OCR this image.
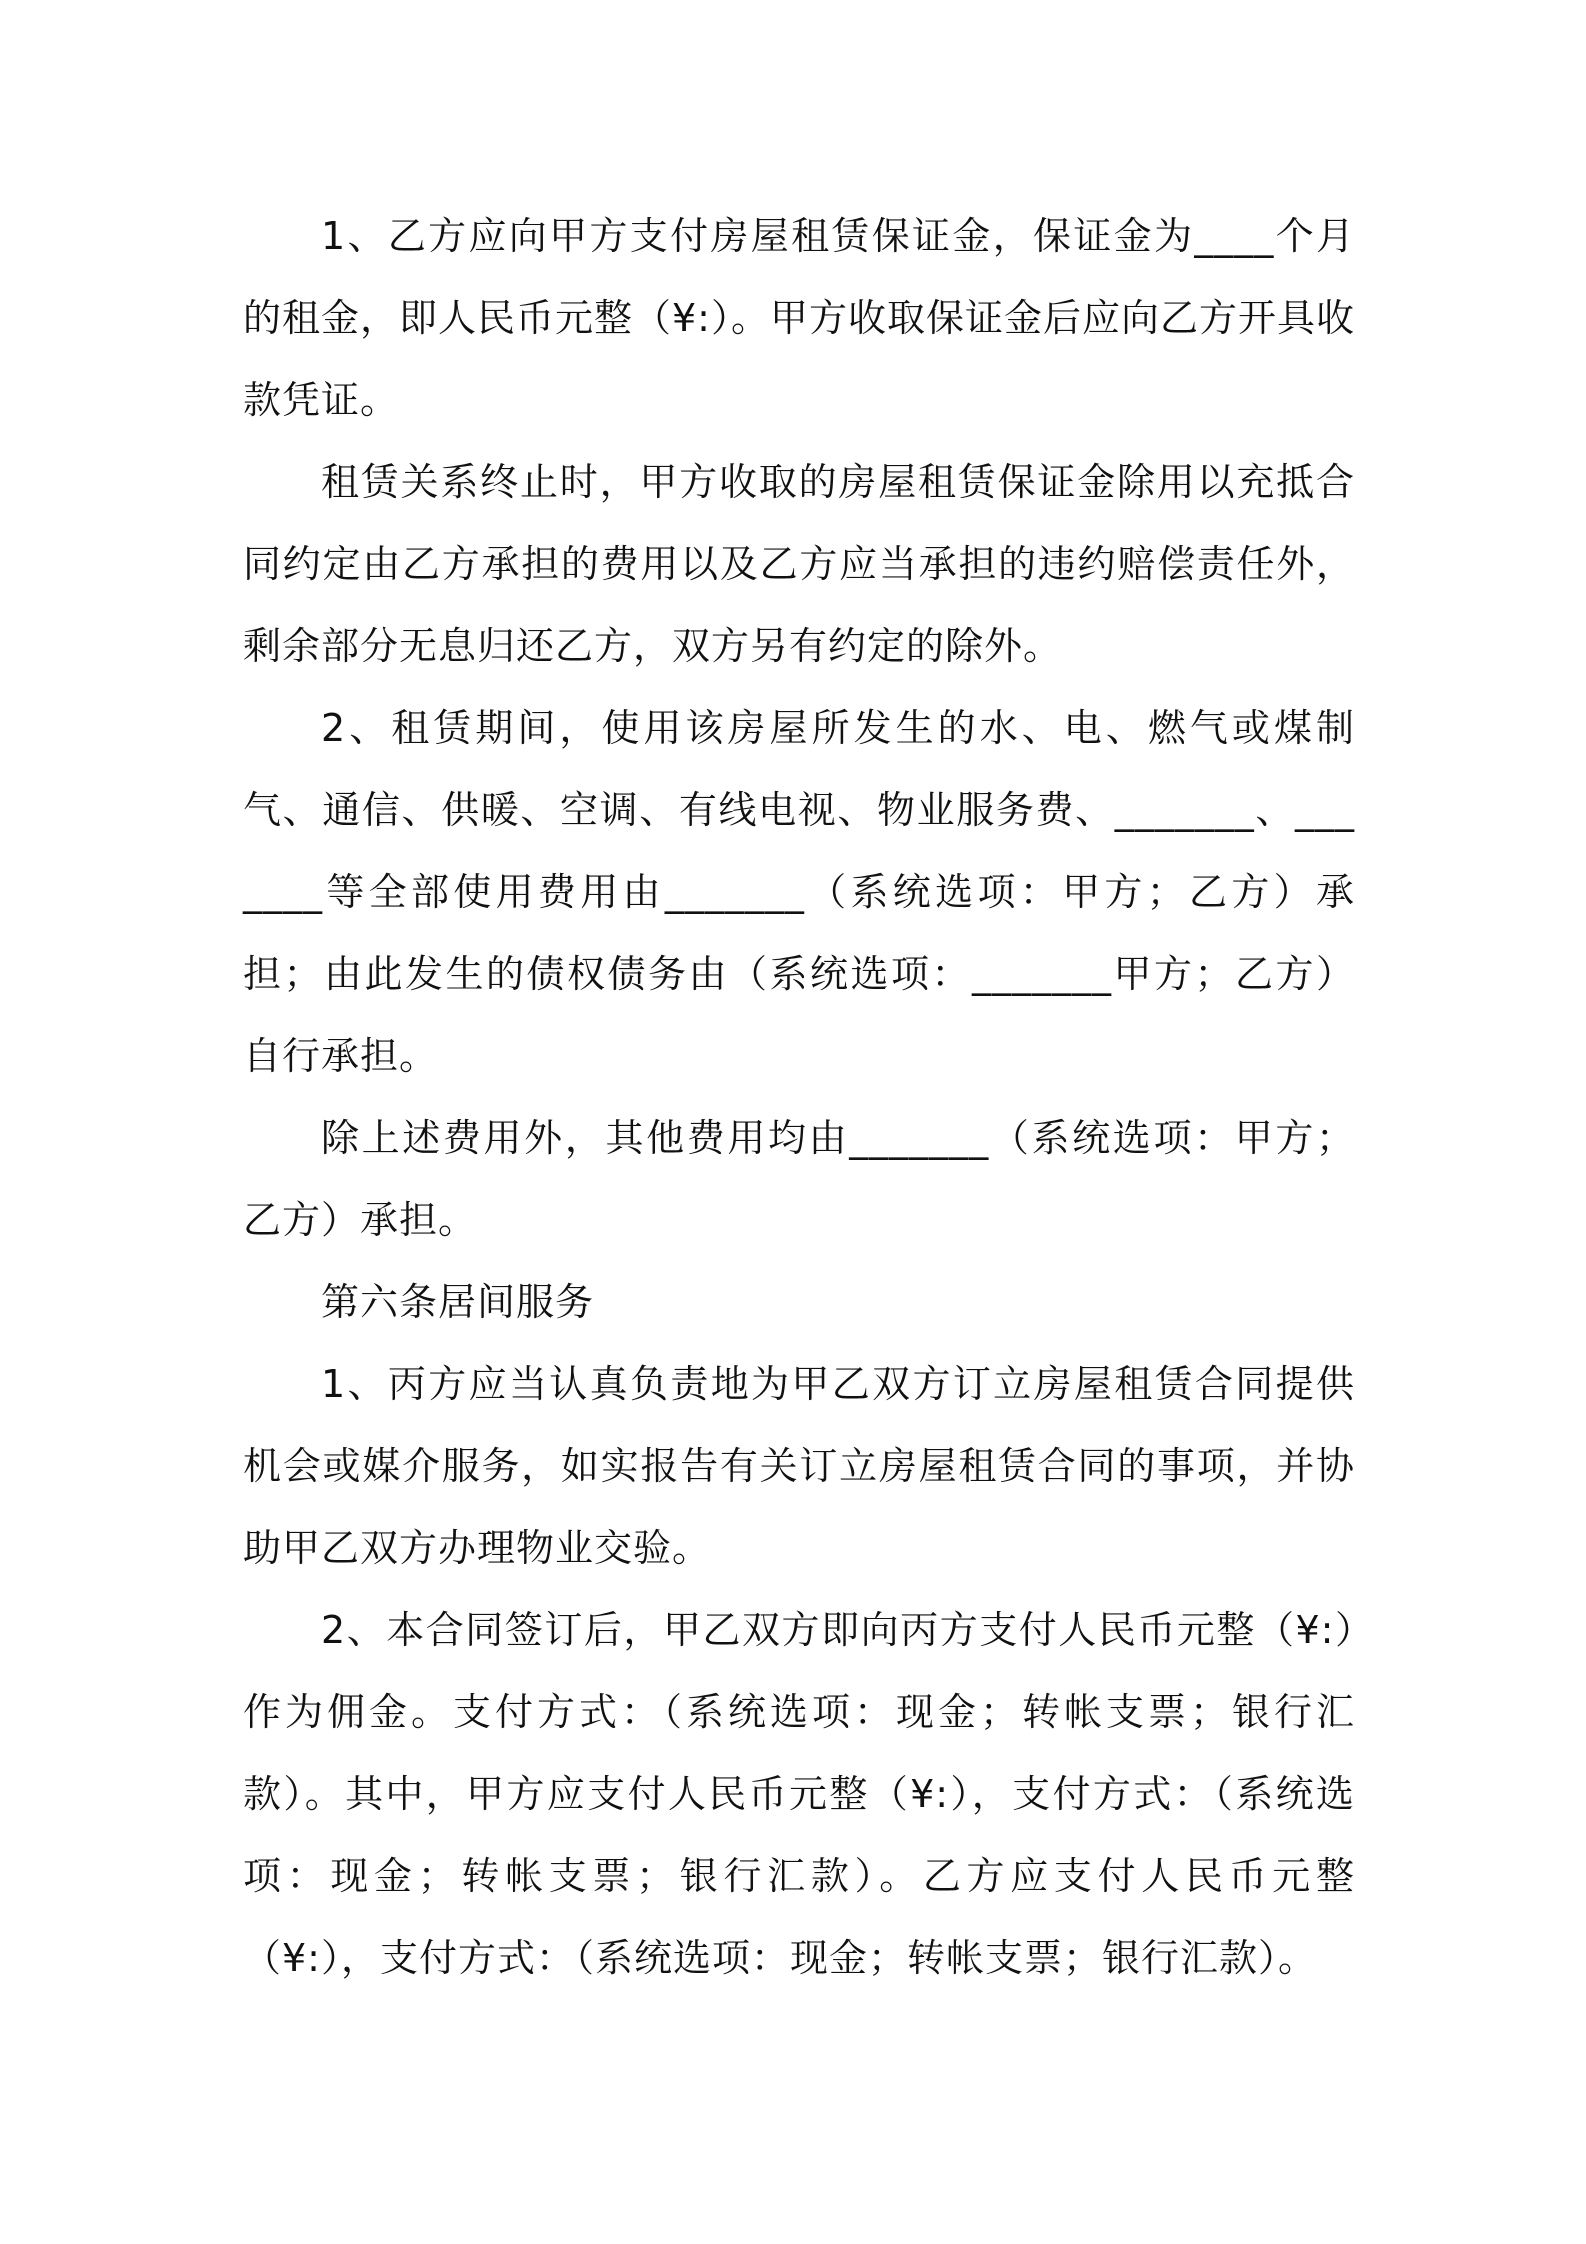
1、乙方应向甲方支付房屋租赁保证金，保证金为____个月的租金，即人民币元整（¥:）。甲方收取保证金后应向乙方开具收款凭证。

租赁关系终止时，甲方收取的房屋租赁保证金除用以充抵合同约定由乙方承担的费用以及乙方应当承担的违约赔偿责任外，剩余部分无息归还乙方，双方另有约定的除外。

2、租赁期间，使用该房屋所发生的水、电、燃气或煤制气、通信、供暖、空调、有线电视、物业服务费、_______、_______等全部使用费用由_______（系统选项：甲方；乙方）承担；由此发生的债权债务由（系统选项：_______甲方；乙方）自行承担。

除上述费用外，其他费用均由_______（系统选项：甲方；乙方）承担。

第六条居间服务

1、丙方应当认真负责地为甲乙双方订立房屋租赁合同提供机会或媒介服务，如实报告有关订立房屋租赁合同的事项，并协助甲乙双方办理物业交验。

2、本合同签订后，甲乙双方即向丙方支付人民币元整（¥:）作为佣金。支付方式：（系统选项：现金；转帐支票；银行汇款）。其中，甲方应支付人民币元整（¥:），支付方式：（系统选项：现金；转帐支票；银行汇款）。乙方应支付人民币元整（¥:），支付方式：（系统选项：现金；转帐支票；银行汇款）。
